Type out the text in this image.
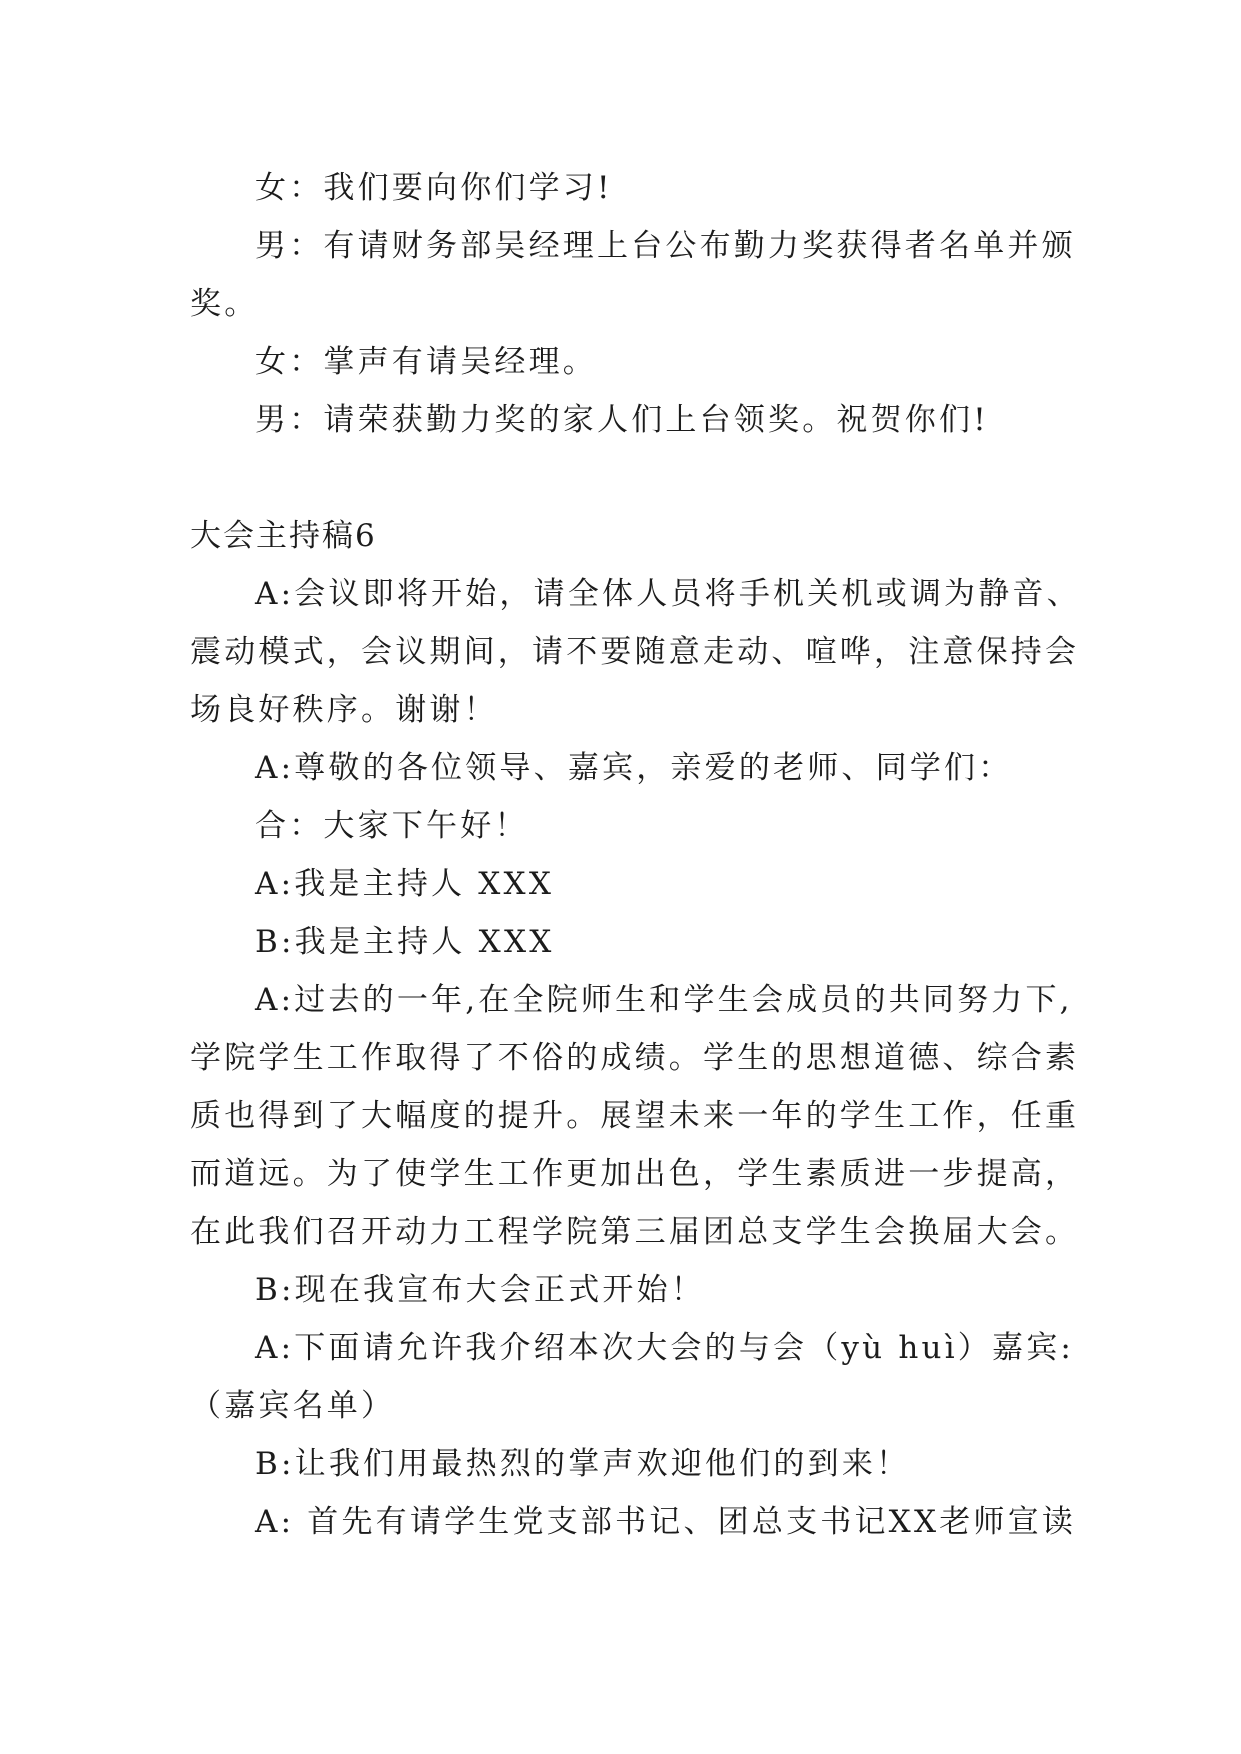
女：我们要向你们学习!
男：有请财务部吴经理上台公布勤力奖获得者名单并颁
奖。
女：掌声有请吴经理。
男：请荣获勤力奖的家人们上台领奖。祝贺你们!
大会主持稿6
A:会议即将开始，请全体人员将手机关机或调为静音、
震动模式，会议期间，请不要随意走动、喧哗，注意保持会
场良好秩序。谢谢！
A:尊敬的各位领导、嘉宾，亲爱的老师、同学们：
合：大家下午好！
A:我是主持人 XXX
B:我是主持人 XXX
A:过去的一年,在全院师生和学生会成员的共同努力下,
学院学生工作取得了不俗的成绩。学生的思想道德、综合素
质也得到了大幅度的提升。展望未来一年的学生工作，任重
而道远。为了使学生工作更加出色，学生素质进一步提高，
在此我们召开动力工程学院第三届团总支学生会换届大会。
B:现在我宣布大会正式开始！
A:下面请允许我介绍本次大会的与会（yù huì）嘉宾:
（嘉宾名单）
B:让我们用最热烈的掌声欢迎他们的到来！
A: 首先有请学生党支部书记、团总支书记XX老师宣读
